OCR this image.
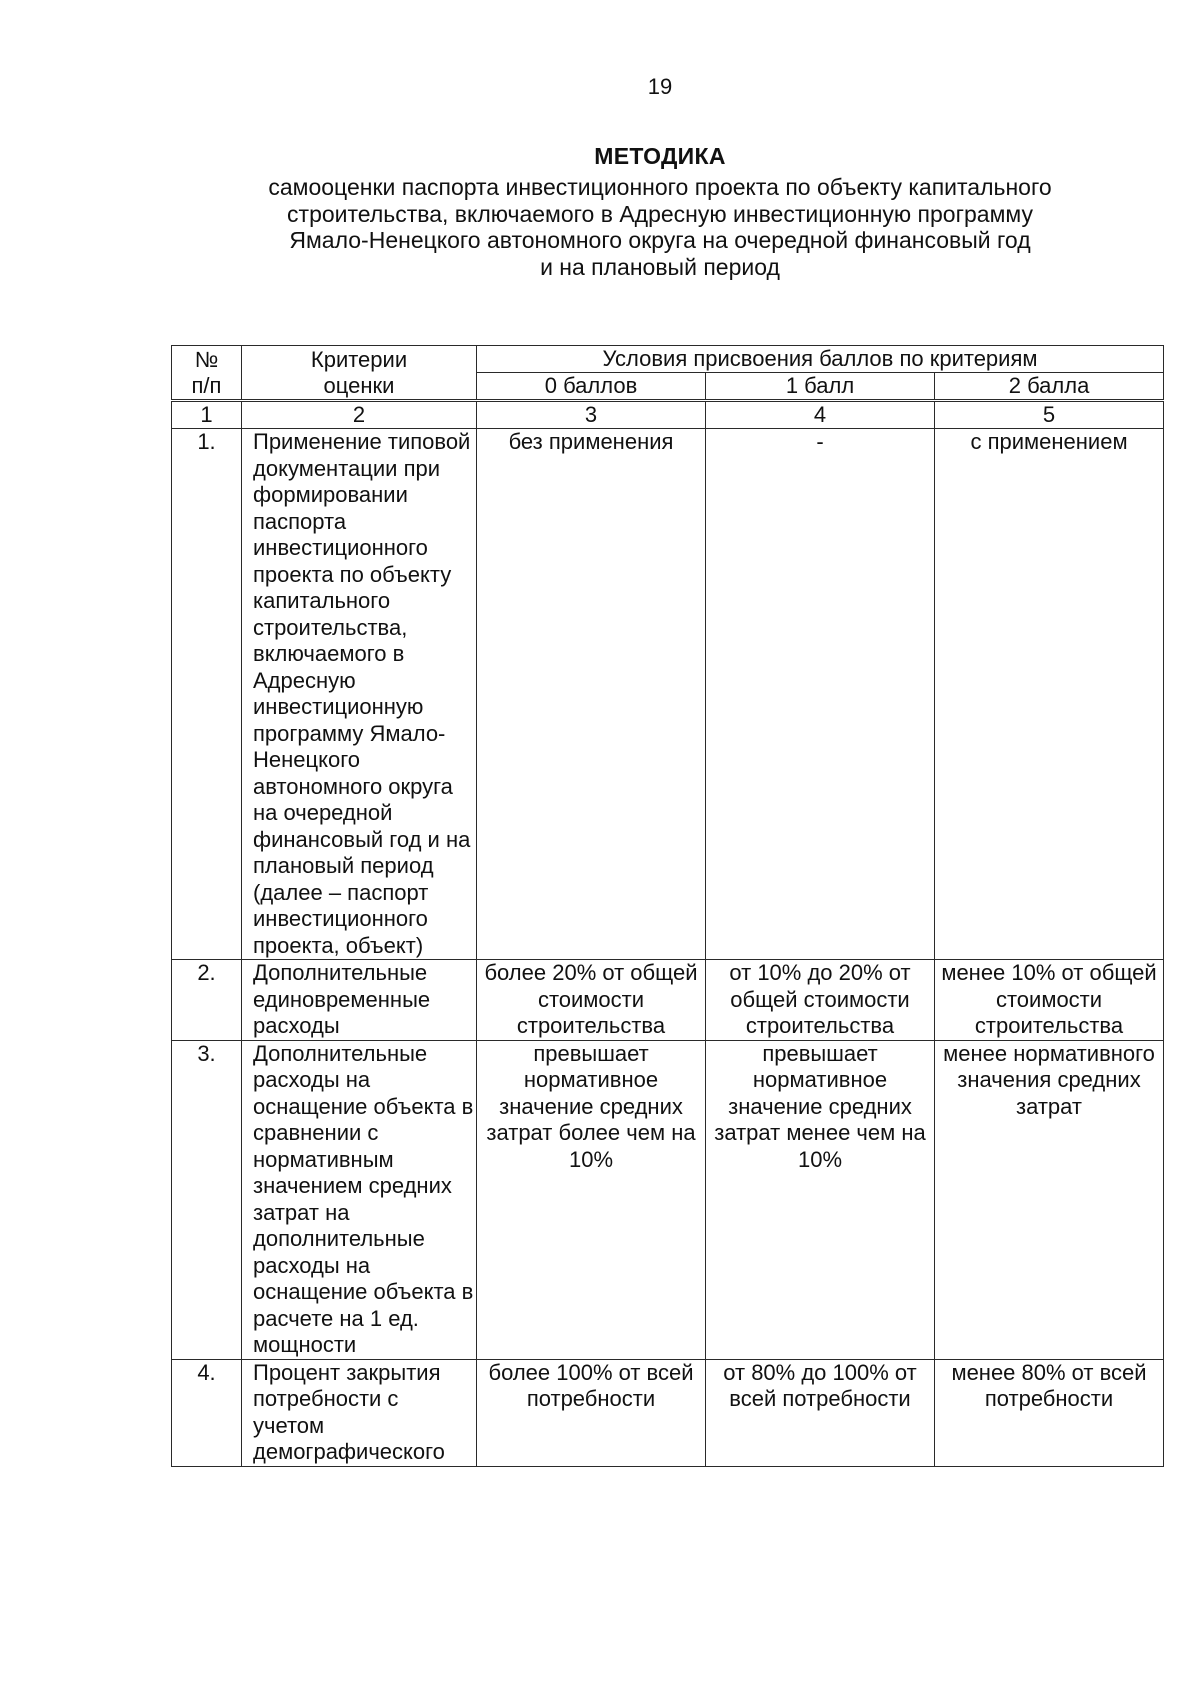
19
МЕТОДИКА
самооценки паспорта инвестиционного проекта по объекту капитального
строительства, включаемого в Адресную инвестиционную программу
Ямало-Ненецкого автономного округа на очередной финансовый год
и на плановый период
№ п/п	Критерии оценки	Условия присвоения баллов по критериям		
		0 баллов	1 балл	2 балла
1	2	3	4	5
1.	Применение типовой документации при формировании паспорта инвестиционного проекта по объекту капитального строительства, включаемого в Адресную инвестиционную программу Ямало-Ненецкого автономного округа на очередной финансовый год и на плановый период (далее – паспорт инвестиционного проекта, объект)	без применения	-	с применением
2.	Дополнительные единовременные расходы	более 20% от общей стоимости строительства	от 10% до 20% от общей стоимости строительства	менее 10% от общей стоимости строительства
3.	Дополнительные расходы на оснащение объекта в сравнении с нормативным значением средних затрат на дополнительные расходы на оснащение объекта в расчете на 1 ед. мощности	превышает нормативное значение средних затрат более чем на 10%	превышает нормативное значение средних затрат менее чем на 10%	менее нормативного значения средних затрат
4.	Процент закрытия потребности с учетом демографического	более 100% от всей потребности	от 80% до 100% от всей потребности	менее 80% от всей потребности
